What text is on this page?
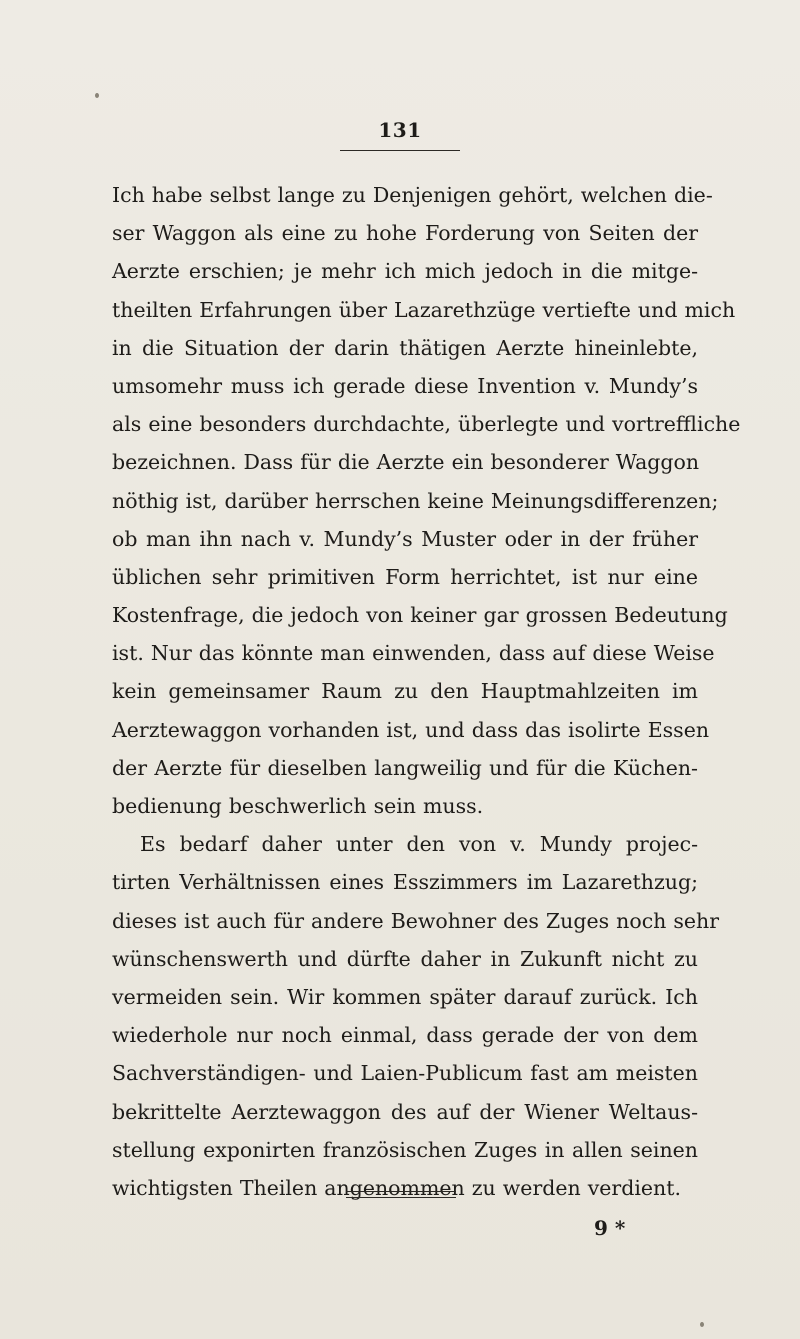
131
Ich habe selbst lange zu Denjenigen gehört, welchen die-
ser Waggon als eine zu hohe Forderung von Seiten der
Aerzte erschien; je mehr ich mich jedoch in die mitge-
theilten Erfahrungen über Lazarethzüge vertiefte und mich
in die Situation der darin thätigen Aerzte hineinlebte,
umsomehr muss ich gerade diese Invention v. Mundy’s
als eine besonders durchdachte, überlegte und vortreffliche
bezeichnen. Dass für die Aerzte ein besonderer Waggon
nöthig ist, darüber herrschen keine Meinungsdifferenzen;
ob man ihn nach v. Mundy’s Muster oder in der früher
üblichen sehr primitiven Form herrichtet, ist nur eine
Kostenfrage, die jedoch von keiner gar grossen Bedeutung
ist. Nur das könnte man einwenden, dass auf diese Weise
kein gemeinsamer Raum zu den Hauptmahlzeiten im
Aerztewaggon vorhanden ist, und dass das isolirte Essen
der Aerzte für dieselben langweilig und für die Küchen-
bedienung beschwerlich sein muss.
Es bedarf daher unter den von v. Mundy projec-
tirten Verhältnissen eines Esszimmers im Lazarethzug;
dieses ist auch für andere Bewohner des Zuges noch sehr
wünschenswerth und dürfte daher in Zukunft nicht zu
vermeiden sein. Wir kommen später darauf zurück. Ich
wiederhole nur noch einmal, dass gerade der von dem
Sachverständigen- und Laien-Publicum fast am meisten
bekrittelte Aerztewaggon des auf der Wiener Weltaus-
stellung exponirten französischen Zuges in allen seinen
wichtigsten Theilen angenommen zu werden verdient.
9 *
